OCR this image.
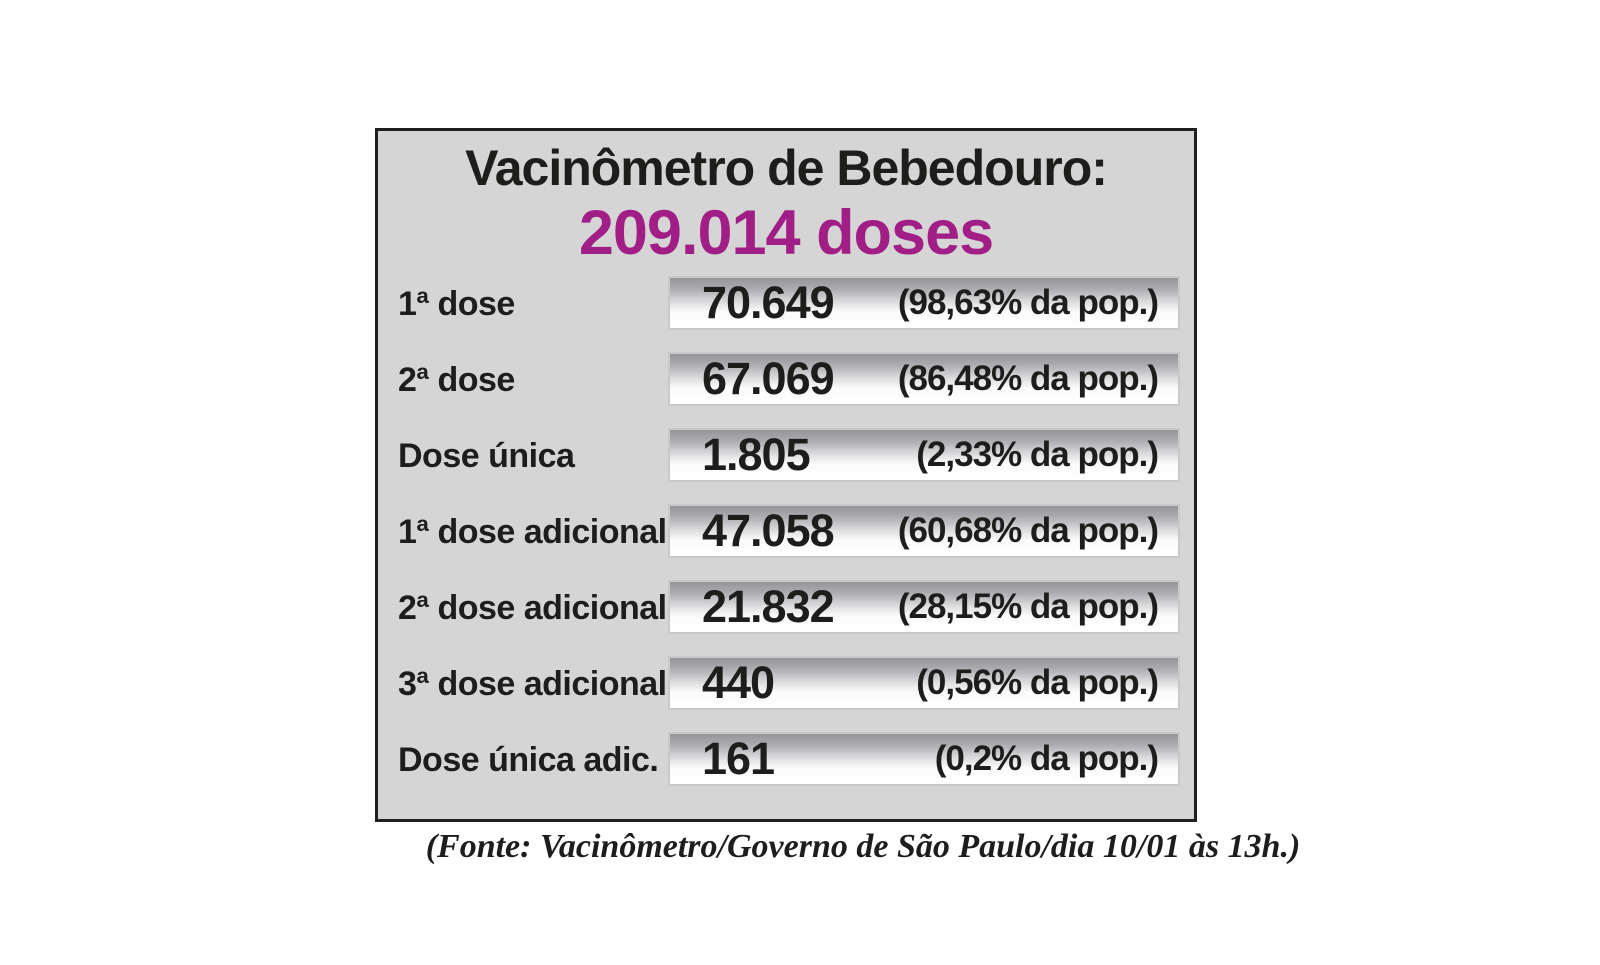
Vacinômetro de Bebedouro:
209.014 doses
1ª dose	70.649 (98,63% da pop.)
2ª dose	67.069 (86,48% da pop.)
Dose única	1.805	(2,33% da pop.)
1ª dose adicional 47.058 (60,68% da pop.)
2ª dose adicional 21.832 (28,15% da pop.)
3ª dose adicional 440	(0,56% da pop.)
Dose única adic. 161	(0,2% da pop.)
(Fonte: Vacinômetro/Governo de São Paulo/dia 10/01 às 13h.)
